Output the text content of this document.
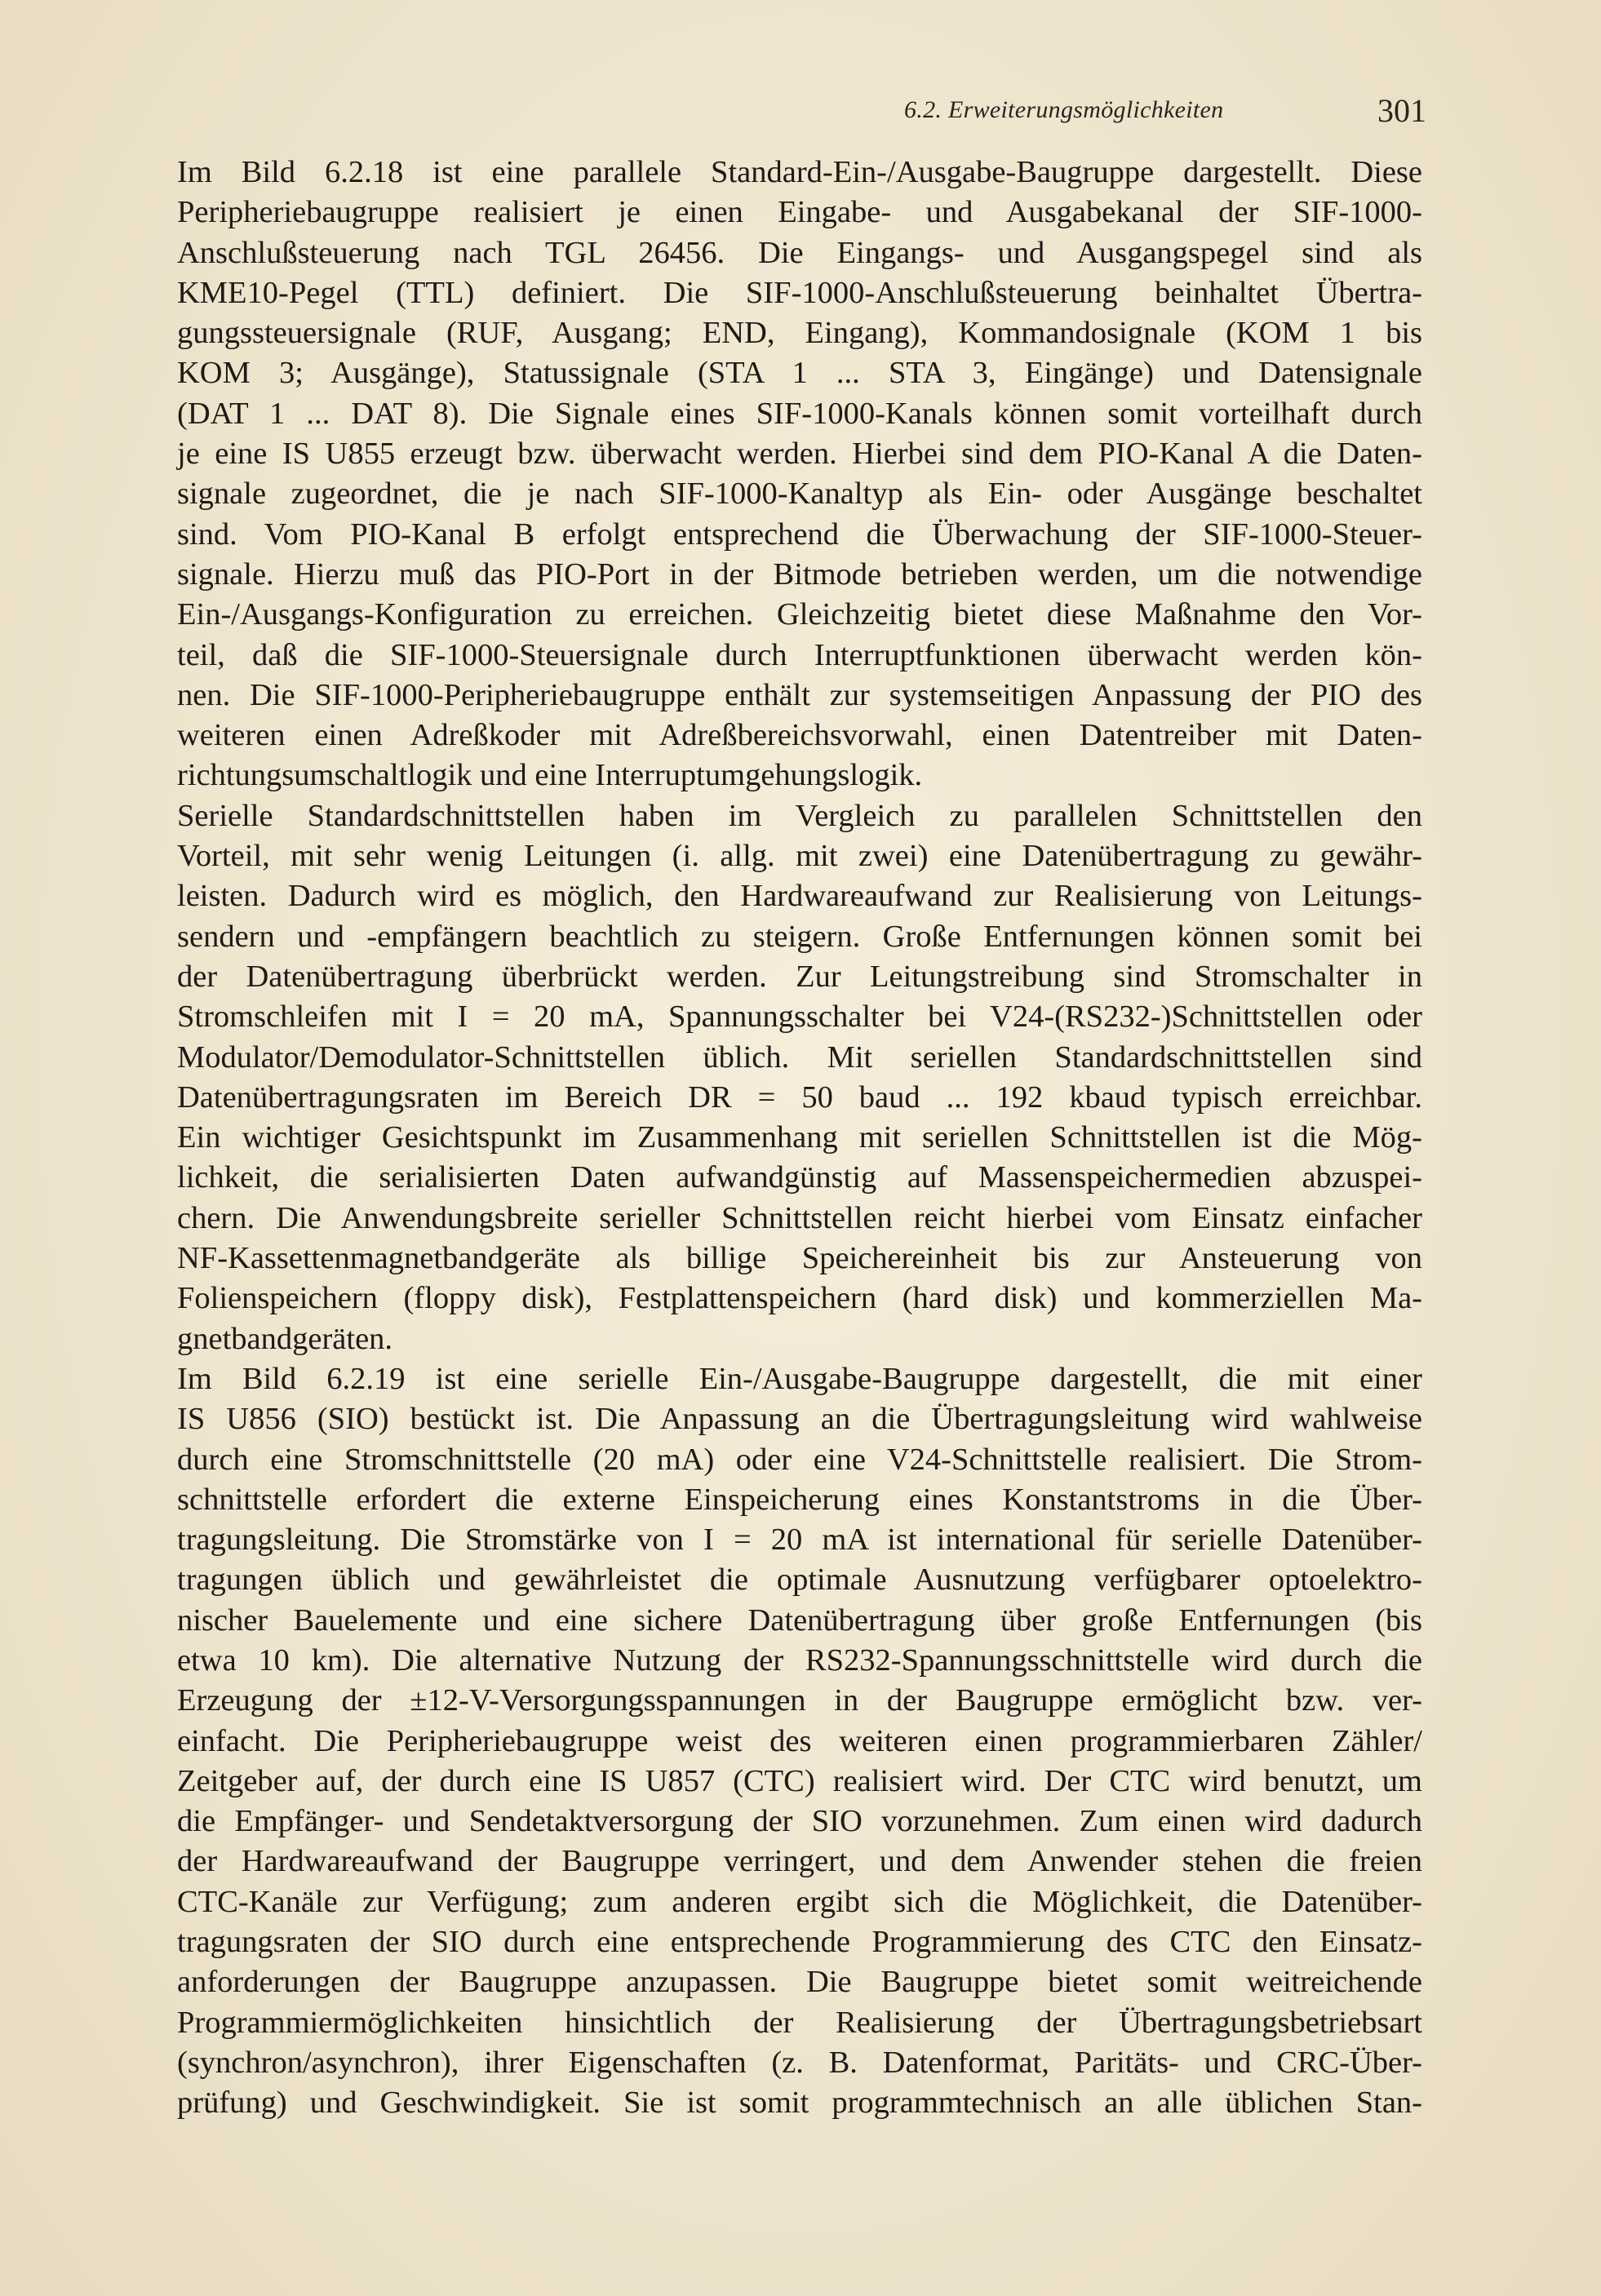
6.2. Erweiterungsmöglichkeiten	301

Im Bild 6.2.18 ist eine parallele Standard-Ein-/Ausgabe-Baugruppe dargestellt. Diese
Peripheriebaugruppe realisiert je einen Eingabe- und Ausgabekanal der SIF-1000-
Anschlußsteuerung nach TGL 26456. Die Eingangs- und Ausgangspegel sind als
KME10-Pegel (TTL) definiert. Die SIF-1000-Anschlußsteuerung beinhaltet Übertra-
gungssteuersignale (RUF, Ausgang; END, Eingang), Kommandosignale (KOM 1 bis
KOM 3; Ausgänge), Statussignale (STA 1 ... STA 3, Eingänge) und Datensignale
(DAT 1 ... DAT 8). Die Signale eines SIF-1000-Kanals können somit vorteilhaft durch
je eine IS U855 erzeugt bzw. überwacht werden. Hierbei sind dem PIO-Kanal A die Daten-
signale zugeordnet, die je nach SIF-1000-Kanaltyp als Ein- oder Ausgänge beschaltet
sind. Vom PIO-Kanal B erfolgt entsprechend die Überwachung der SIF-1000-Steuer-
signale. Hierzu muß das PIO-Port in der Bitmode betrieben werden, um die notwendige
Ein-/Ausgangs-Konfiguration zu erreichen. Gleichzeitig bietet diese Maßnahme den Vor-
teil, daß die SIF-1000-Steuersignale durch Interruptfunktionen überwacht werden kön-
nen. Die SIF-1000-Peripheriebaugruppe enthält zur systemseitigen Anpassung der PIO des
weiteren einen Adreßkoder mit Adreßbereichsvorwahl, einen Datentreiber mit Daten-
richtungsumschaltlogik und eine Interruptumgehungslogik.

Serielle Standardschnittstellen haben im Vergleich zu parallelen Schnittstellen den
Vorteil, mit sehr wenig Leitungen (i. allg. mit zwei) eine Datenübertragung zu gewähr-
leisten. Dadurch wird es möglich, den Hardwareaufwand zur Realisierung von Leitungs-
sendern und -empfängern beachtlich zu steigern. Große Entfernungen können somit bei
der Datenübertragung überbrückt werden. Zur Leitungstreibung sind Stromschalter in
Stromschleifen mit I = 20 mA, Spannungsschalter bei V24-(RS232-)Schnittstellen oder
Modulator/Demodulator-Schnittstellen üblich. Mit seriellen Standardschnittstellen sind
Datenübertragungsraten im Bereich DR = 50 baud ... 192 kbaud typisch erreichbar.
Ein wichtiger Gesichtspunkt im Zusammenhang mit seriellen Schnittstellen ist die Mög-
lichkeit, die serialisierten Daten aufwandgünstig auf Massenspeichermedien abzuspei-
chern. Die Anwendungsbreite serieller Schnittstellen reicht hierbei vom Einsatz einfacher
NF-Kassettenmagnetbandgeräte als billige Speichereinheit bis zur Ansteuerung von
Folienspeichern (floppy disk), Festplattenspeichern (hard disk) und kommerziellen Ma-
gnetbandgeräten.

Im Bild 6.2.19 ist eine serielle Ein-/Ausgabe-Baugruppe dargestellt, die mit einer
IS U856 (SIO) bestückt ist. Die Anpassung an die Übertragungsleitung wird wahlweise
durch eine Stromschnittstelle (20 mA) oder eine V24-Schnittstelle realisiert. Die Strom-
schnittstelle erfordert die externe Einspeicherung eines Konstantstroms in die Über-
tragungsleitung. Die Stromstärke von I = 20 mA ist international für serielle Datenüber-
tragungen üblich und gewährleistet die optimale Ausnutzung verfügbarer optoelektro-
nischer Bauelemente und eine sichere Datenübertragung über große Entfernungen (bis
etwa 10 km). Die alternative Nutzung der RS232-Spannungsschnittstelle wird durch die
Erzeugung der ±12-V-Versorgungsspannungen in der Baugruppe ermöglicht bzw. ver-
einfacht. Die Peripheriebaugruppe weist des weiteren einen programmierbaren Zähler/
Zeitgeber auf, der durch eine IS U857 (CTC) realisiert wird. Der CTC wird benutzt, um
die Empfänger- und Sendetaktversorgung der SIO vorzunehmen. Zum einen wird dadurch
der Hardwareaufwand der Baugruppe verringert, und dem Anwender stehen die freien
CTC-Kanäle zur Verfügung; zum anderen ergibt sich die Möglichkeit, die Datenüber-
tragungsraten der SIO durch eine entsprechende Programmierung des CTC den Einsatz-
anforderungen der Baugruppe anzupassen. Die Baugruppe bietet somit weitreichende
Programmiermöglichkeiten hinsichtlich der Realisierung der Übertragungsbetriebsart
(synchron/asynchron), ihrer Eigenschaften (z. B. Datenformat, Paritäts- und CRC-Über-
prüfung) und Geschwindigkeit. Sie ist somit programmtechnisch an alle üblichen Stan-
